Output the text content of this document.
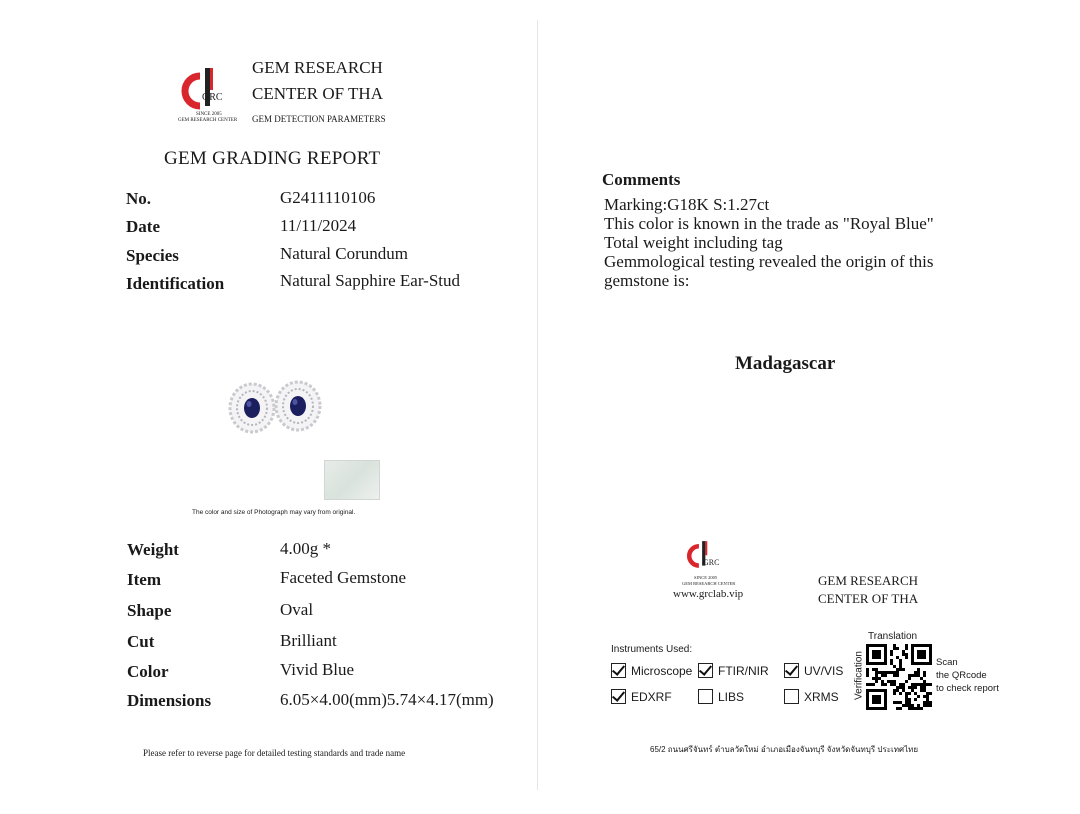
GRC
SINCE 2005
GEM RESEARCH CENTER
GEM RESEARCH
CENTER OF THA
GEM DETECTION PARAMETERS
GEM GRADING REPORT
No.	G2411110106
Date	11/11/2024
Species	Natural Corundum
Identification	Natural Sapphire Ear-Stud
The color and size of Photograph may vary from original.
Weight	4.00g *
Item	Faceted Gemstone
Shape	Oval
Cut	Brilliant
Color	Vivid Blue
Dimensions	6.05×4.00(mm)5.74×4.17(mm)
Please refer to reverse page for detailed testing standards and trade name
Comments
Marking:G18K S:1.27ct
This color is known in the trade as "Royal Blue"
Total weight including tag
Gemmological testing revealed the origin of this
gemstone is:
Madagascar
GRC
SINCE 2005
GEM RESEARCH CENTER
www.grclab.vip
GEM RESEARCH
CENTER OF THA
Instruments Used:
Microscope FTIR/NIR	UV/VIS
EDXRF	LIBS	XRMS
Translation
Verification	Scan
the QRcode
to check report
65/2 ถนนศรีจันทร์ ตำบลวัดใหม่ อำเภอเมืองจันทบุรี จังหวัดจันทบุรี ประเทศไทย
